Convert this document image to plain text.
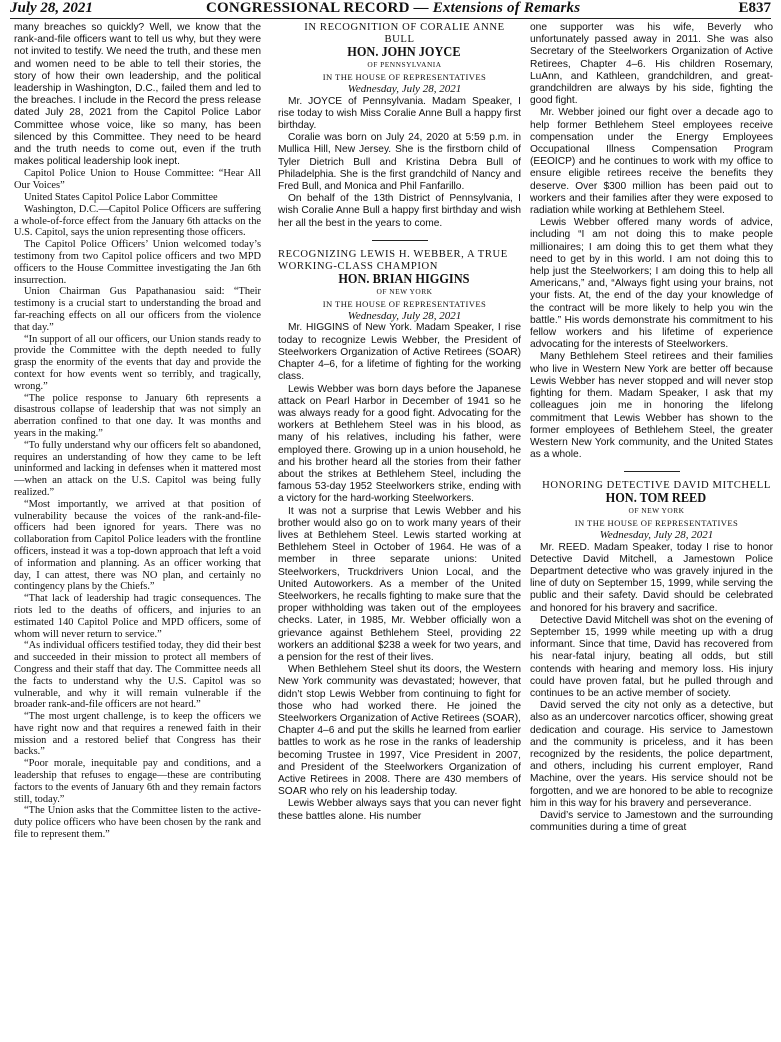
July 28, 2021	CONGRESSIONAL RECORD — Extensions of Remarks	E837

many breaches so quickly? Well, we know that the rank-and-file officers want to tell us why, but they were not invited to testify. We need the truth, and these men and women need to be able to tell their stories, the story of how their own leadership, and the political leadership in Washington, D.C., failed them and led to the breaches. I include in the Record the press release dated July 28, 2021 from the Capitol Police Labor Committee whose voice, like so many, has been silenced by this Committee. They need to be heard and the truth needs to come out, even if the truth makes political leadership look inept.

Capitol Police Union to House Committee: “Hear All Our Voices”

United States Capitol Police Labor Committee

Washington, D.C.—Capitol Police Officers are suffering a whole-of-force effect from the January 6th attacks on the U.S. Capitol, says the union representing those officers.

The Capitol Police Officers’ Union welcomed today’s testimony from two Capitol police officers and two MPD officers to the House Committee investigating the Jan 6th insurrection.

Union Chairman Gus Papathanasiou said: “Their testimony is a crucial start to understanding the broad and far-reaching effects on all our officers from the violence that day.”

“In support of all our officers, our Union stands ready to provide the Committee with the depth needed to fully grasp the enormity of the events that day and provide the context for how events went so terribly, and tragically, wrong.”

“The police response to January 6th represents a disastrous collapse of leadership that was not simply an aberration confined to that one day. It was months and years in the making.”

“To fully understand why our officers felt so abandoned, requires an understanding of how they came to be left uninformed and lacking in defenses when it mattered most—when an attack on the U.S. Capitol was being fully realized.”

“Most importantly, we arrived at that position of vulnerability because the voices of the rank-and-file-officers had been ignored for years. There was no collaboration from Capitol Police leaders with the frontline officers, instead it was a top-down approach that left a void of information and planning. As an officer working that day, I can attest, there was NO plan, and certainly no contingency plans by the Chiefs.”

“That lack of leadership had tragic consequences. The riots led to the deaths of officers, and injuries to an estimated 140 Capitol Police and MPD officers, some of whom will never return to service.”

“As individual officers testified today, they did their best and succeeded in their mission to protect all members of Congress and their staff that day. The Committee needs all the facts to understand why the U.S. Capitol was so vulnerable, and why it will remain vulnerable if the broader rank-and-file officers are not heard.”

“The most urgent challenge, is to keep the officers we have right now and that requires a renewed faith in their mission and a restored belief that Congress has their backs.”

“Poor morale, inequitable pay and conditions, and a leadership that refuses to engage—these are contributing factors to the events of January 6th and they remain factors still, today.”

“The Union asks that the Committee listen to the active-duty police officers who have been chosen by the rank and file to represent them.”

IN RECOGNITION OF CORALIE ANNE BULL

HON. JOHN JOYCE

OF PENNSYLVANIA

IN THE HOUSE OF REPRESENTATIVES

Wednesday, July 28, 2021

Mr. JOYCE of Pennsylvania. Madam Speaker, I rise today to wish Miss Coralie Anne Bull a happy first birthday.

Coralie was born on July 24, 2020 at 5:59 p.m. in Mullica Hill, New Jersey. She is the firstborn child of Tyler Dietrich Bull and Kristina Debra Bull of Philadelphia. She is the first grandchild of Nancy and Fred Bull, and Monica and Phil Fanfarillo.

On behalf of the 13th District of Pennsylvania, I wish Coralie Anne Bull a happy first birthday and wish her all the best in the years to come.

RECOGNIZING LEWIS H. WEBBER, A TRUE WORKING-CLASS CHAMPION

HON. BRIAN HIGGINS

OF NEW YORK

IN THE HOUSE OF REPRESENTATIVES

Wednesday, July 28, 2021

Mr. HIGGINS of New York. Madam Speaker, I rise today to recognize Lewis Webber, the President of Steelworkers Organization of Active Retirees (SOAR) Chapter 4–6, for a lifetime of fighting for the working class.

Lewis Webber was born days before the Japanese attack on Pearl Harbor in December of 1941 so he was always ready for a good fight. Advocating for the workers at Bethlehem Steel was in his blood, as many of his relatives, including his father, were employed there. Growing up in a union household, he and his brother heard all the stories from their father about the strikes at Bethlehem Steel, including the famous 53-day 1952 Steelworkers strike, ending with a victory for the hard-working Steelworkers.

It was not a surprise that Lewis Webber and his brother would also go on to work many years of their lives at Bethlehem Steel. Lewis started working at Bethlehem Steel in October of 1964. He was of a member in three separate unions: United Steelworkers, Truckdrivers Union Local, and the United Autoworkers. As a member of the United Steelworkers, he recalls fighting to make sure that the proper withholding was taken out of the employees checks. Later, in 1985, Mr. Webber officially won a grievance against Bethlehem Steel, providing 22 workers an additional $238 a week for two years, and a pension for the rest of their lives.

When Bethlehem Steel shut its doors, the Western New York community was devastated; however, that didn’t stop Lewis Webber from continuing to fight for those who had worked there. He joined the Steelworkers Organization of Active Retirees (SOAR), Chapter 4–6 and put the skills he learned from earlier battles to work as he rose in the ranks of leadership becoming Trustee in 1997, Vice President in 2007, and President of the Steelworkers Organization of Active Retirees in 2008. There are 430 members of SOAR who rely on his leadership today.

Lewis Webber always says that you can never fight these battles alone. His number

one supporter was his wife, Beverly who unfortunately passed away in 2011. She was also Secretary of the Steelworkers Organization of Active Retirees, Chapter 4–6. His children Rosemary, LuAnn, and Kathleen, grandchildren, and great-grandchildren are always by his side, fighting the good fight.

Mr. Webber joined our fight over a decade ago to help former Bethlehem Steel employees receive compensation under the Energy Employees Occupational Illness Compensation Program (EEOICP) and he continues to work with my office to ensure eligible retirees receive the benefits they deserve. Over $300 million has been paid out to workers and their families after they were exposed to radiation while working at Bethlehem Steel.

Lewis Webber offered many words of advice, including “I am not doing this to make people millionaires; I am doing this to get them what they need to get by in this world. I am not doing this to help just the Steelworkers; I am doing this to help all Americans,” and, “Always fight using your brains, not your fists. At, the end of the day your knowledge of the contract will be more likely to help you win the battle.” His words demonstrate his commitment to his fellow workers and his lifetime of experience advocating for the interests of Steelworkers.

Many Bethlehem Steel retirees and their families who live in Western New York are better off because Lewis Webber has never stopped and will never stop fighting for them. Madam Speaker, I ask that my colleagues join me in honoring the lifelong commitment that Lewis Webber has shown to the former employees of Bethlehem Steel, the greater Western New York community, and the United States as a whole.

HONORING DETECTIVE DAVID MITCHELL

HON. TOM REED

OF NEW YORK

IN THE HOUSE OF REPRESENTATIVES

Wednesday, July 28, 2021

Mr. REED. Madam Speaker, today I rise to honor Detective David Mitchell, a Jamestown Police Department detective who was gravely injured in the line of duty on September 15, 1999, while serving the public and their safety. David should be celebrated and honored for his bravery and sacrifice.

Detective David Mitchell was shot on the evening of September 15, 1999 while meeting up with a drug informant. Since that time, David has recovered from his near-fatal injury, beating all odds, but still contends with hearing and memory loss. His injury could have proven fatal, but he pulled through and continues to be an active member of society.

David served the city not only as a detective, but also as an undercover narcotics officer, showing great dedication and courage. His service to Jamestown and the community is priceless, and it has been recognized by the residents, the police department, and others, including his current employer, Rand Machine, over the years. His service should not be forgotten, and we are honored to be able to recognize him in this way for his bravery and perseverance.

David’s service to Jamestown and the surrounding communities during a time of great
